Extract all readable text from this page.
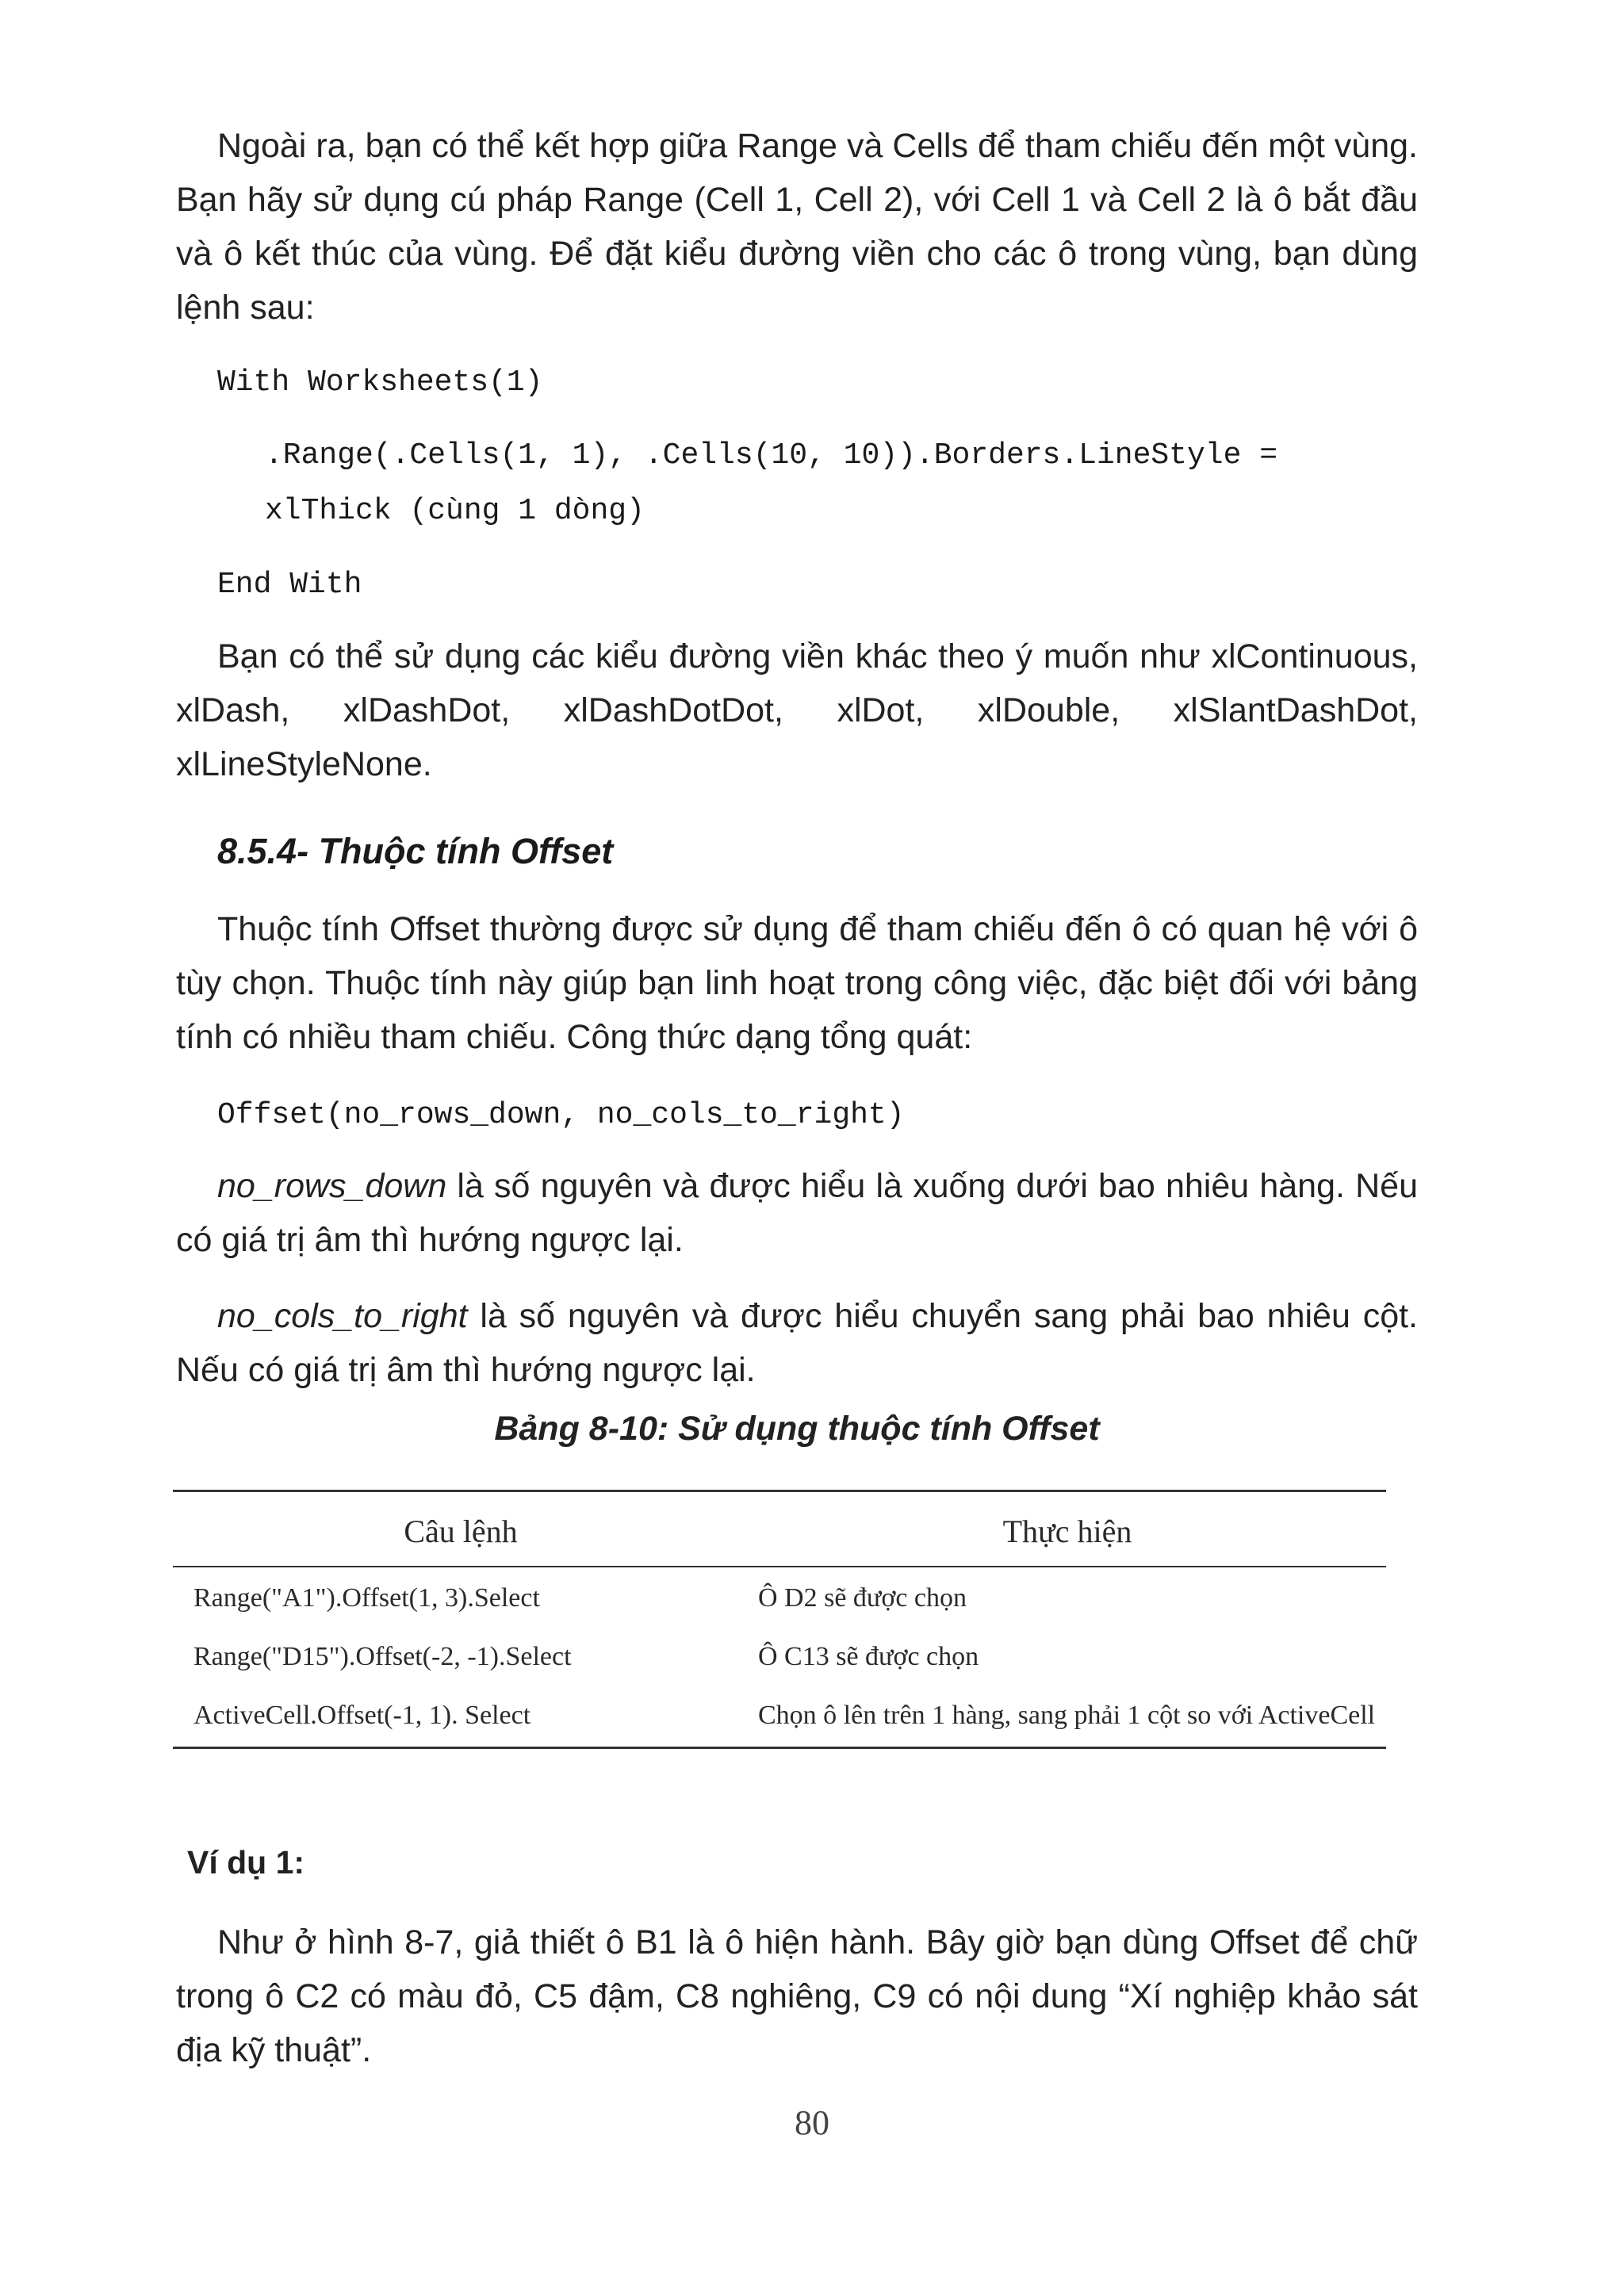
Ngoài ra, bạn có thể kết hợp giữa Range và Cells để tham chiếu đến một vùng. Bạn hãy sử dụng cú pháp Range (Cell 1, Cell 2), với Cell 1 và Cell 2 là ô bắt đầu và ô kết thúc của vùng. Để đặt kiểu đường viền cho các ô trong vùng, bạn dùng lệnh sau:

With Worksheets(1)

.Range(.Cells(1, 1), .Cells(10, 10)).Borders.LineStyle =

xlThick (cùng 1 dòng)

End With

Bạn có thể sử dụng các kiểu đường viền khác theo ý muốn như xlContinuous, xlDash, xlDashDot, xlDashDotDot, xlDot, xlDouble, xlSlantDashDot, xlLineStyleNone.

8.5.4- Thuộc tính Offset

Thuộc tính Offset thường được sử dụng để tham chiếu đến ô có quan hệ với ô tùy chọn. Thuộc tính này giúp bạn linh hoạt trong công việc, đặc biệt đối với bảng tính có nhiều tham chiếu. Công thức dạng tổng quát:

Offset(no_rows_down, no_cols_to_right)

no_rows_down là số nguyên và được hiểu là xuống dưới bao nhiêu hàng. Nếu có giá trị âm thì hướng ngược lại.

no_cols_to_right là số nguyên và được hiểu chuyển sang phải bao nhiêu cột. Nếu có giá trị âm thì hướng ngược lại.

Bảng 8-10: Sử dụng thuộc tính Offset

Câu lệnh	Thực hiện
Range("A1").Offset(1, 3).Select	Ô D2 sẽ được chọn
Range("D15").Offset(-2, -1).Select	Ô C13 sẽ được chọn
ActiveCell.Offset(-1, 1). Select	Chọn ô lên trên 1 hàng, sang phải 1 cột so với ActiveCell

Ví dụ 1:

Như ở hình 8-7, giả thiết ô B1 là ô hiện hành. Bây giờ bạn dùng Offset để chữ trong ô C2 có màu đỏ, C5 đậm, C8 nghiêng, C9 có nội dung “Xí nghiệp khảo sát địa kỹ thuật”.

80
